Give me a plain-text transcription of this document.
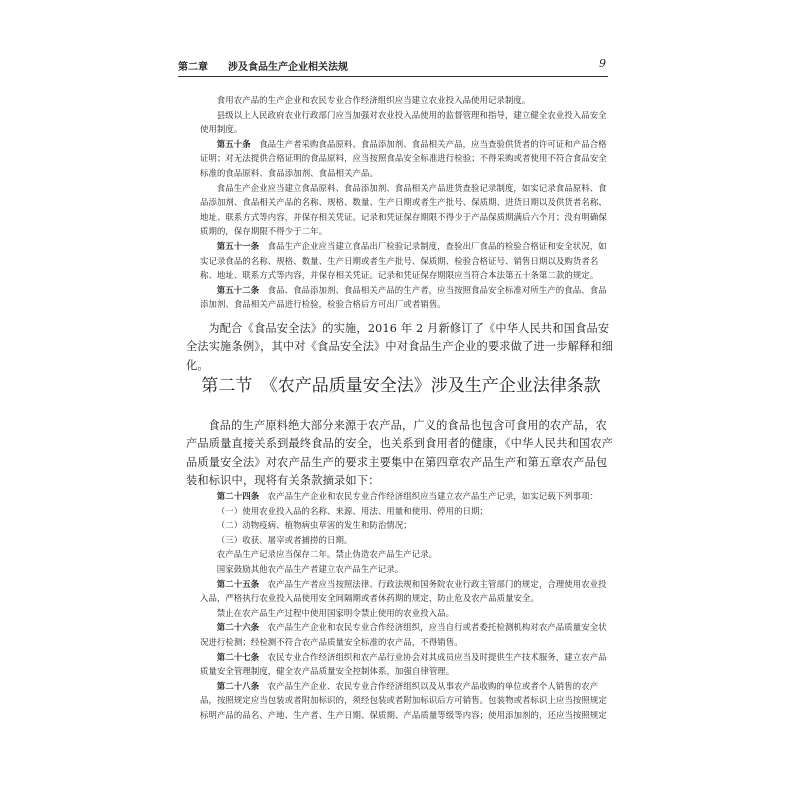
第二章 涉及食品生产企业相关法规	9

食用农产品的生产企业和农民专业合作经济组织应当建立农业投入品使用记录制度。

县级以上人民政府农业行政部门应当加强对农业投入品使用的监督管理和指导，建立健全农业投入品安全使用制度。

第五十条  食品生产者采购食品原料、食品添加剂、食品相关产品，应当查验供货者的许可证和产品合格证明；对无法提供合格证明的食品原料，应当按照食品安全标准进行检验；不得采购或者使用不符合食品安全标准的食品原料、食品添加剂、食品相关产品。

食品生产企业应当建立食品原料、食品添加剂、食品相关产品进货查验记录制度，如实记录食品原料、食品添加剂、食品相关产品的名称、规格、数量、生产日期或者生产批号、保质期、进货日期以及供货者名称、地址、联系方式等内容，并保存相关凭证。记录和凭证保存期限不得少于产品保质期满后六个月；没有明确保质期的，保存期限不得少于二年。

第五十一条  食品生产企业应当建立食品出厂检验记录制度，查验出厂食品的检验合格证和安全状况，如实记录食品的名称、规格、数量、生产日期或者生产批号、保质期、检验合格证号、销售日期以及购货者名称、地址、联系方式等内容，并保存相关凭证。记录和凭证保存期限应当符合本法第五十条第二款的规定。

第五十二条  食品、食品添加剂、食品相关产品的生产者，应当按照食品安全标准对所生产的食品、食品添加剂、食品相关产品进行检验，检验合格后方可出厂或者销售。

为配合《食品安全法》的实施，2016 年 2 月新修订了《中华人民共和国食品安全法实施条例》，其中对《食品安全法》中对食品生产企业的要求做了进一步解释和细化。

第二节  《农产品质量安全法》涉及生产企业法律条款

食品的生产原料绝大部分来源于农产品，广义的食品也包含可食用的农产品，农产品质量直接关系到最终食品的安全，也关系到食用者的健康，《中华人民共和国农产品质量安全法》对农产品生产的要求主要集中在第四章农产品生产和第五章农产品包装和标识中，现将有关条款摘录如下：

第二十四条  农产品生产企业和农民专业合作经济组织应当建立农产品生产记录，如实记载下列事项：

（一）使用农业投入品的名称、来源、用法、用量和使用、停用的日期；

（二）动物疫病、植物病虫草害的发生和防治情况；

（三）收获、屠宰或者捕捞的日期。

农产品生产记录应当保存二年。禁止伪造农产品生产记录。

国家鼓励其他农产品生产者建立农产品生产记录。

第二十五条  农产品生产者应当按照法律、行政法规和国务院农业行政主管部门的规定，合理使用农业投入品，严格执行农业投入品使用安全间隔期或者休药期的规定，防止危及农产品质量安全。

禁止在农产品生产过程中使用国家明令禁止使用的农业投入品。

第二十六条  农产品生产企业和农民专业合作经济组织，应当自行或者委托检测机构对农产品质量安全状况进行检测；经检测不符合农产品质量安全标准的农产品，不得销售。

第二十七条  农民专业合作经济组织和农产品行业协会对其成员应当及时提供生产技术服务，建立农产品质量安全管理制度，健全农产品质量安全控制体系，加强自律管理。

第二十八条  农产品生产企业、农民专业合作经济组织以及从事农产品收购的单位或者个人销售的农产品，按照规定应当包装或者附加标识的，须经包装或者附加标识后方可销售。包装物或者标识上应当按照规定标明产品的品名、产地、生产者、生产日期、保质期、产品质量等级等内容；使用添加剂的，还应当按照规定
